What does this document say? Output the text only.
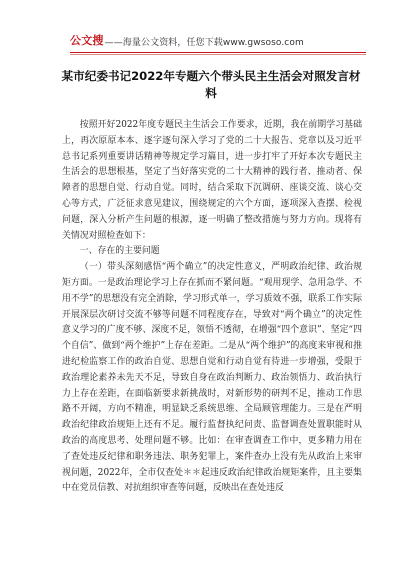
公文搜 ——海量公文资料，任您下载www.gwsoso.com
某市纪委书记2022年专题六个带头民主生活会对照发言材料

按照开好2022年度专题民主生活会工作要求，近期，我在前期学习基础上，再次原原本本、逐字逐句深入学习了党的二十大报告、党章以及习近平总书记系列重要讲话精神等规定学习篇目，进一步打牢了开好本次专题民主生活会的思想根基，坚定了当好落实党的二十大精神的践行者、推动者、保障者的思想自觉、行动自觉。同时，结合采取下沉调研、座谈交流、谈心交心等方式，广泛征求意见建议，围绕规定的六个方面，逐项深入查摆、检视问题，深入分析产生问题的根源，逐一明确了整改措施与努力方向。现将有关情况对照检查如下：

一、存在的主要问题

（一）带头深刻感悟“两个确立”的决定性意义，严明政治纪律、政治规矩方面。一是政治理论学习上存在抓而不紧问题。“观用现学、急用急学、不用不学”的思想没有完全消除，学习形式单一，学习质效不强，联系工作实际开展深层次研讨交流不够等问题不同程度存在，导致对“两个确立”的决定性意义学习的广度不够、深度不足，领悟不透彻，在增强“四个意识”、坚定“四个自信”、做到“两个维护”上存在差距。二是从“两个维护”的高度来审视和推进纪检监察工作的政治自觉、思想自觉和行动自觉有待进一步增强，受限于政治理论素养未先天不足，导致自身在政治判断力、政治领悟力、政治执行力上存在差距，在面临新要求新挑战时，对新形势的研判不足，推动工作思路不开阔，方向不精准，明显缺乏系统思维、全局顾管理能力。三是在严明政治纪律政治规矩上还有不足。履行监督执纪问责、监督调查处置职能时从政治的高度思考、处理问题不够。比如：在审查调查工作中，更多精力用在了查处违反纪律和职务违法、职务犯罪上，案件查办上没有先从政治上来审视问题，2022年，全市仅查处＊＊起违反政治纪律政治规矩案件，且主要集中在党员信教、对抗组织审查等问题，反映出在查处违反
